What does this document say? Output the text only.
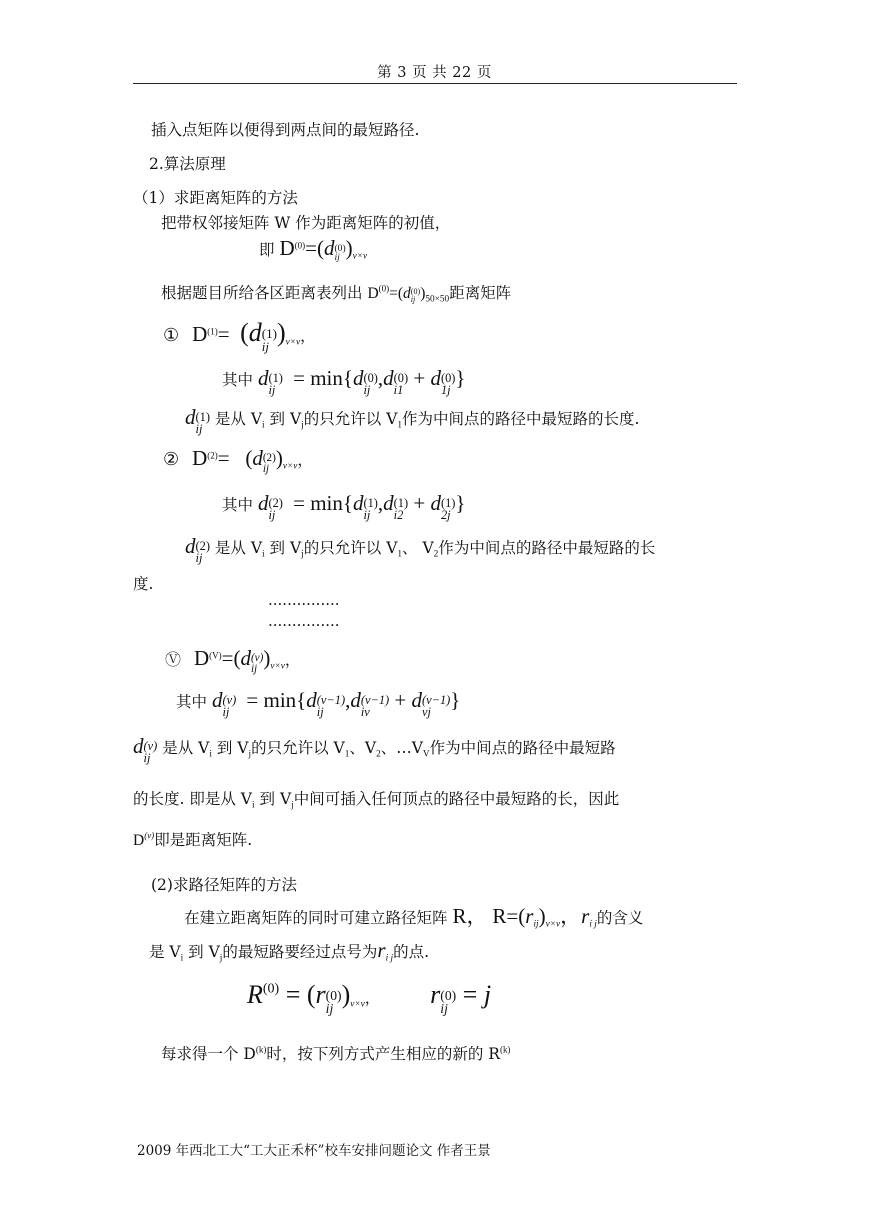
第 3 页 共 22 页
插入点矩阵以便得到两点间的最短路径.
2.算法原理
（1）求距离矩阵的方法
把带权邻接矩阵 W 作为距离矩阵的初值，
即 $D^{(0)}=(d$ (0)
ij )$_{\nu\times\nu}$
根据题目所给各区距离表列出 $D^{(0)}=(d$ (0)
ij )$_{50\times 50}$距离矩阵
① $D^{(1)}= (d$ (1)
ij )$_{\nu\times\nu}$，
其中 d (1)
ij = min{d (0)
ij ,d (0)
i1 + d (0)
1j }
d (1)
ij
是从 $V_i$ 到 $V_j$的只允许以 $V_1$作为中间点的路径中最短路的长度.
② $D^{(2)}= (d$ (2)
ij )$_{\nu\times\nu}$，
其中 d (2)
ij = min{d (1)
ij ,d (1)
i2 + d (1)
2j }
d (2)
ij
是从 $V_i$ 到 $V_j$的只允许以 $V_1$、 $V_2$作为中间点的路径中最短路的长
度.
...............
...............
Ⓥ $D^{(V)}=(d$ (ν)
ij )$_{\nu\times\nu}$，
其中 d (ν)
ij = min{d (ν−1)
ij	,d (ν−1)
iν + d (ν−1)
νj }
d (ν)
ij
是从 $V_i$ 到 $V_j$的只允许以 $V_1$、$V_2$、$\dots V_V$作为中间点的路径中最短路
的长度. 即是从 $V_i$ 到 $V_j$中间可插入任何顶点的路径中最短路的长，因此
$D^{(\nu)}$即是距离矩阵.
(2)求路径矩阵的方法
在建立距离矩阵的同时可建立路径矩阵 R， $R=(r_{ij})_{\nu\times\nu}$，$r_{i j}$的含义
是 $V_i$ 到 $V_j$的最短路要经过点号为$r_{i j}$的点.
R(0) = (r (0)
ij )$_{\nu\times\nu}$， r (0)
ij = j
每求得一个 $D^{(k)}$时，按下列方式产生相应的新的 $R^{(k)}$
2009 年西北工大“工大正禾杯”校车安排问题论文 作者王景
